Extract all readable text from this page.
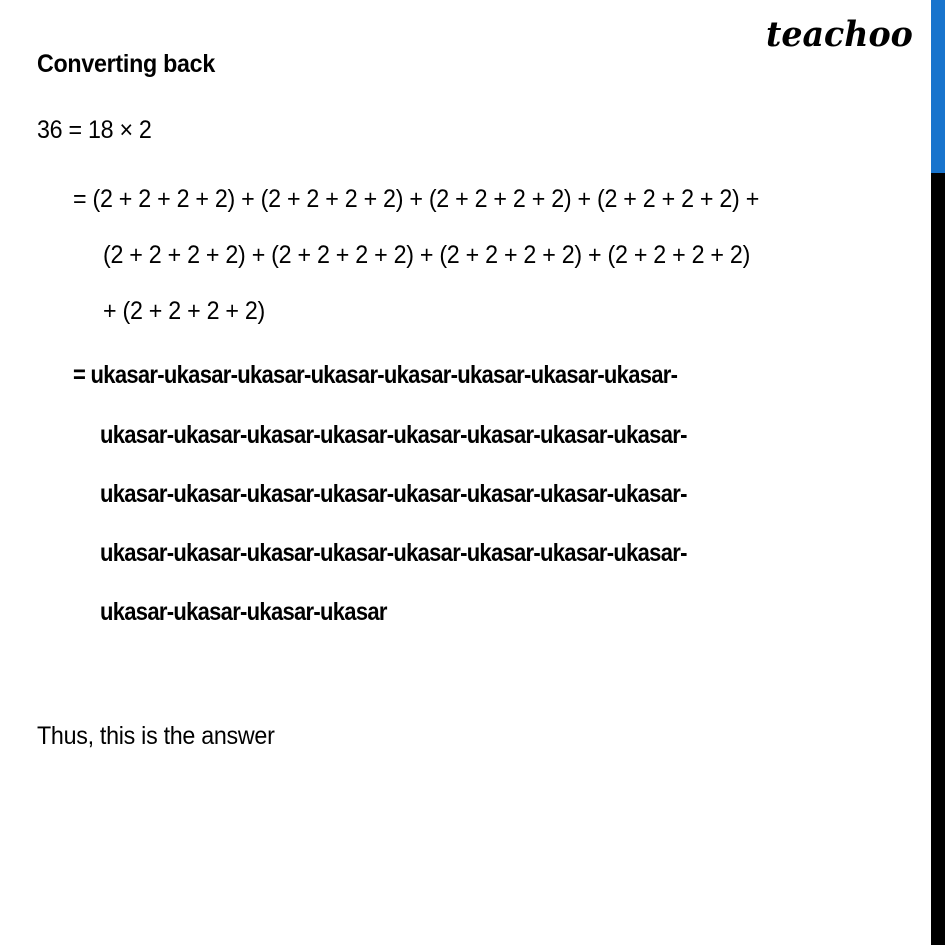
teachoo
Converting back
36 = 18 × 2
= (2 + 2 + 2 + 2) + (2 + 2 + 2 + 2) + (2 + 2 + 2 + 2) + (2 + 2 + 2 + 2) +
(2 + 2 + 2 + 2) + (2 + 2 + 2 + 2) + (2 + 2 + 2 + 2) + (2 + 2 + 2 + 2)
+ (2 + 2 + 2 + 2)
= ukasar-ukasar-ukasar-ukasar-ukasar-ukasar-ukasar-ukasar-
ukasar-ukasar-ukasar-ukasar-ukasar-ukasar-ukasar-ukasar-
ukasar-ukasar-ukasar-ukasar-ukasar-ukasar-ukasar-ukasar-
ukasar-ukasar-ukasar-ukasar-ukasar-ukasar-ukasar-ukasar-
ukasar-ukasar-ukasar-ukasar
Thus, this is the answer
